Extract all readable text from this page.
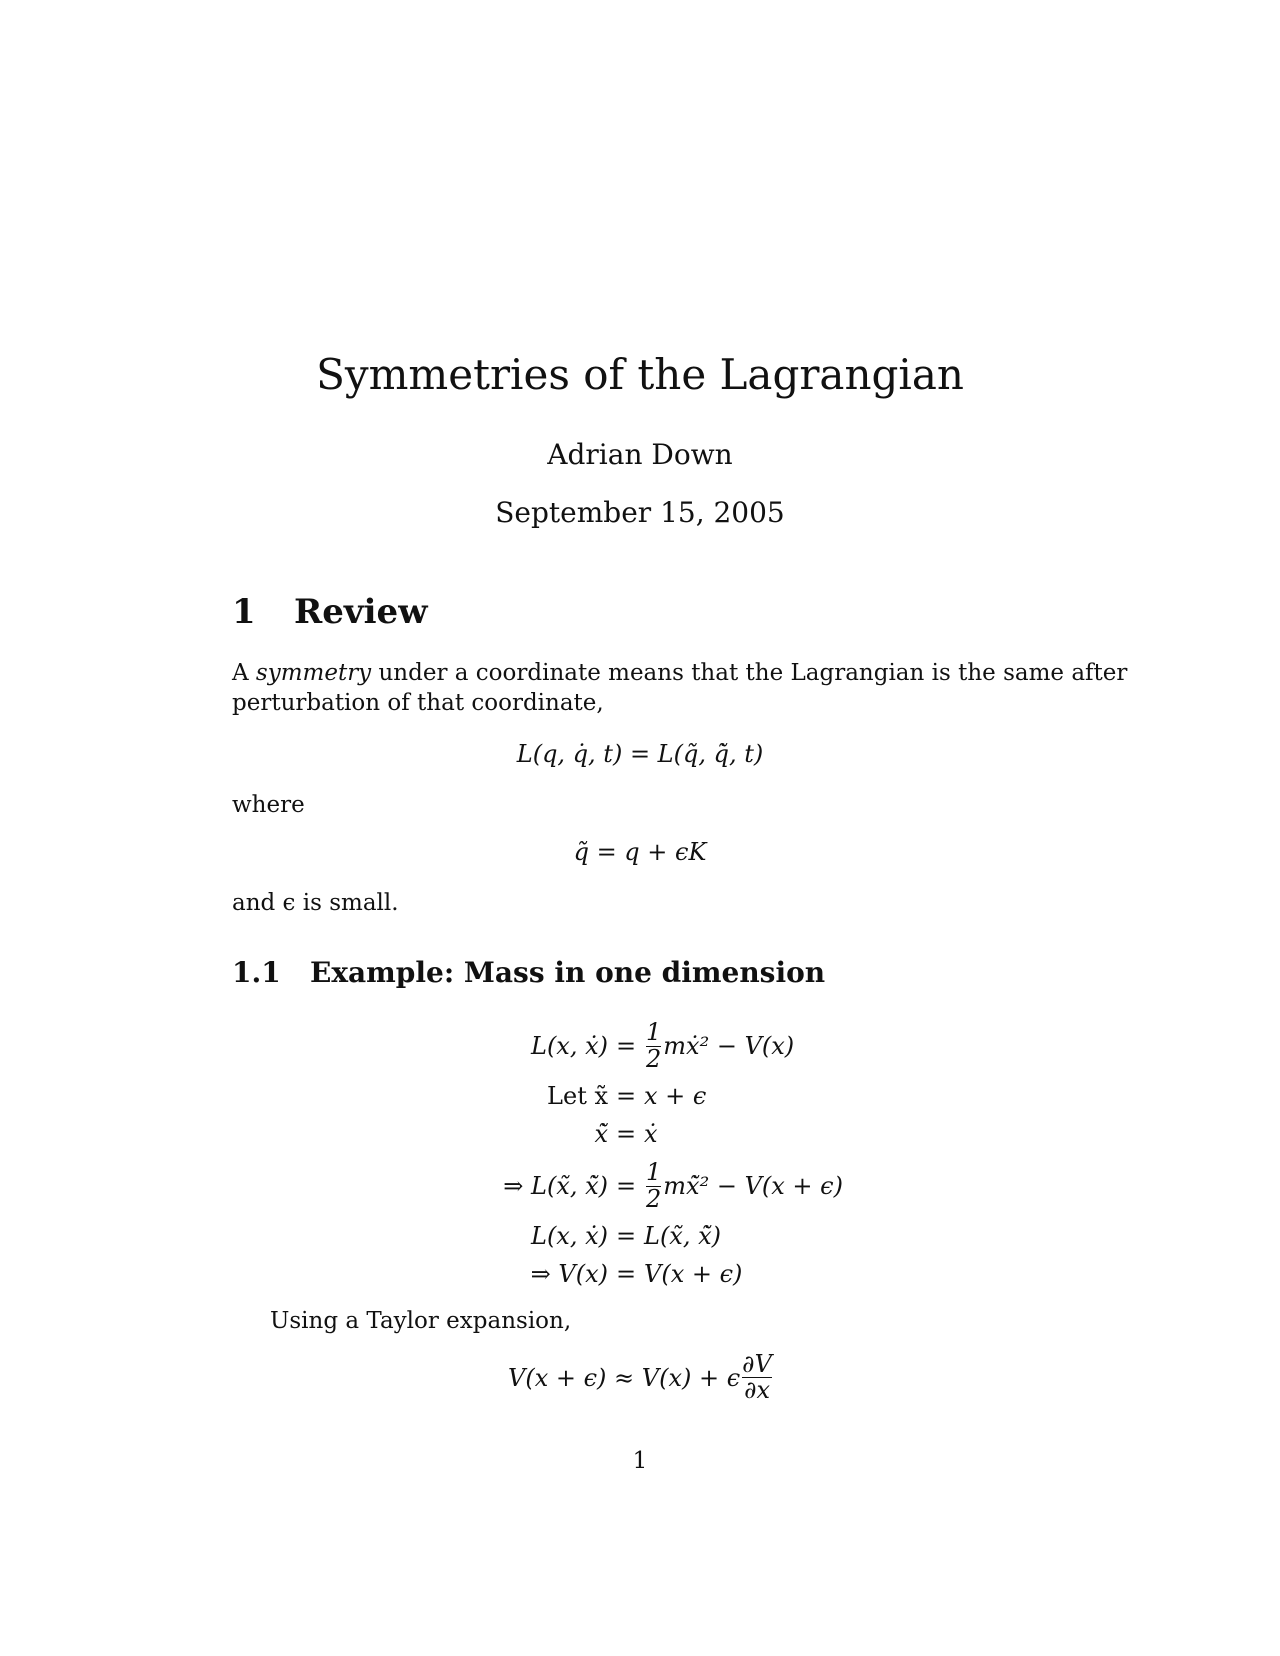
Symmetries of the Lagrangian
Adrian Down
September 15, 2005
1 Review
A symmetry under a coordinate means that the Lagrangian is the same after
perturbation of that coordinate,
L(q, q̇, t) = L(q̃, q̃̇, t)
where
q̃ = q + ϵK
and ϵ is small.
1.1 Example: Mass in one dimension
L(x, ẋ) = $\frac{1}{2}$ mẋ² − V(x)
Let x̃ = x + ϵ
x̃̇ = ẋ
⇒ L(x̃, x̃̇) = $\frac{1}{2}$ mx̃̇² − V(x + ϵ)
L(x, ẋ) = L(x̃, x̃̇)
⇒ V(x) = V(x + ϵ)
Using a Taylor expansion,
V(x + ϵ) ≈ V(x) + ϵ $\frac{\partial V}{\partial x}$
1
